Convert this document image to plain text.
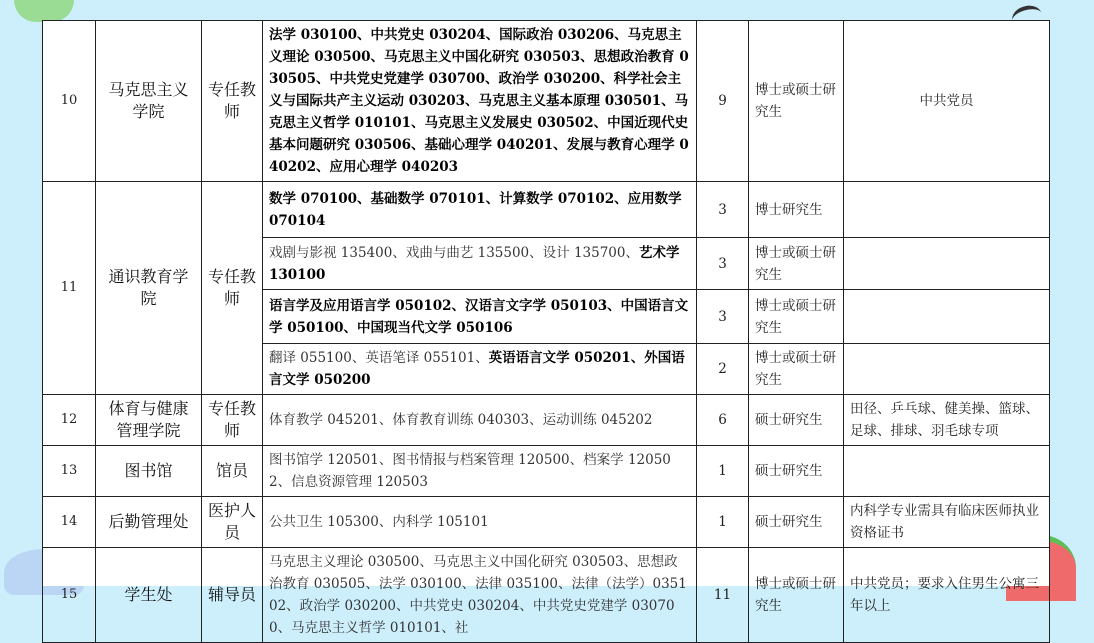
10	马克思主义学院	专任教师	法学 030100、中共党史 030204、国际政治 030206、马克思主义理论 030500、马克思主义中国化研究 030503、思想政治教育 030505、中共党史党建学 030700、政治学 030200、科学社会主义与国际共产主义运动 030203、马克思主义基本原理 030501、马克思主义哲学 010101、马克思主义发展史 030502、中国近现代史基本问题研究 030506、基础心理学 040201、发展与教育心理学 040202、应用心理学 040203	9	博士或硕士研究生	中共党员
11	通识教育学院	专任教师	数学 070100、基础数学 070101、计算数学 070102、应用数学 070104	3	博士研究生	
			戏剧与影视 135400、戏曲与曲艺 135500、设计 135700、艺术学 130100	3	博士或硕士研究生	
			语言学及应用语言学 050102、汉语言文字学 050103、中国语言文学 050100、中国现当代文学 050106	3	博士或硕士研究生	
			翻译 055100、英语笔译 055101、英语语言文学 050201、外国语言文学 050200	2	博士或硕士研究生	
12	体育与健康管理学院	专任教师	体育教学 045201、体育教育训练 040303、运动训练 045202	6	硕士研究生	田径、乒乓球、健美操、篮球、足球、排球、羽毛球专项
13	图书馆	馆员	图书馆学 120501、图书情报与档案管理 120500、档案学 120502、信息资源管理 120503	1	硕士研究生	
14	后勤管理处	医护人员	公共卫生 105300、内科学 105101	1	硕士研究生	内科学专业需具有临床医师执业资格证书
15	学生处	辅导员	马克思主义理论 030500、马克思主义中国化研究 030503、思想政治教育 030505、法学 030100、法律 035100、法律（法学）035102、政治学 030200、中共党史 030204、中共党史党建学 030700、马克思主义哲学 010101、社	11	博士或硕士研究生	中共党员；要求入住男生公寓三年以上
